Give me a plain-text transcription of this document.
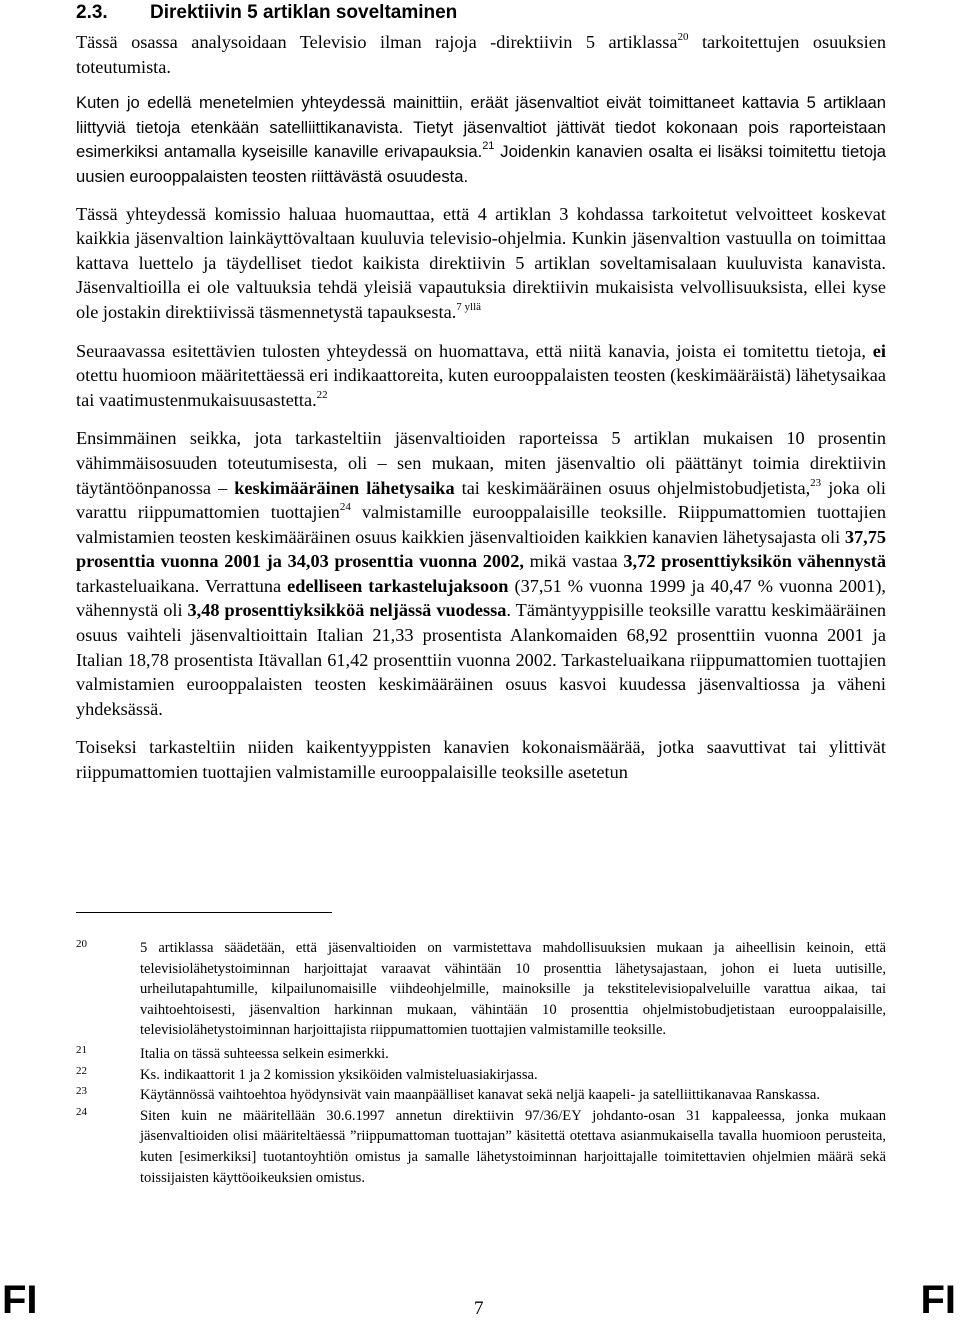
2.3. Direktiivin 5 artiklan soveltaminen

Tässä osassa analysoidaan Televisio ilman rajoja -direktiivin 5 artiklassa$^{20}$ tarkoitettujen osuuksien toteutumista.

Kuten jo edellä menetelmien yhteydessä mainittiin, eräät jäsenvaltiot eivät toimittaneet kattavia 5 artiklaan liittyviä tietoja etenkään satelliittikanavista. Tietyt jäsenvaltiot jättivät tiedot kokonaan pois raporteistaan esimerkiksi antamalla kyseisille kanaville erivapauksia.$^{21}$ Joidenkin kanavien osalta ei lisäksi toimitettu tietoja uusien eurooppalaisten teosten riittävästä osuudesta.

Tässä yhteydessä komissio haluaa huomauttaa, että 4 artiklan 3 kohdassa tarkoitetut velvoitteet koskevat kaikkia jäsenvaltion lainkäyttövaltaan kuuluvia televisio-ohjelmia. Kunkin jäsenvaltion vastuulla on toimittaa kattava luettelo ja täydelliset tiedot kaikista direktiivin 5 artiklan soveltamisalaan kuuluvista kanavista. Jäsenvaltioilla ei ole valtuuksia tehdä yleisiä vapautuksia direktiivin mukaisista velvollisuuksista, ellei kyse ole jostakin direktiivissä täsmennetystä tapauksesta.$^{7 yllä}$

Seuraavassa esitettävien tulosten yhteydessä on huomattava, että niitä kanavia, joista ei tomitettu tietoja, ei otettu huomioon määritettäessä eri indikaattoreita, kuten eurooppalaisten teosten (keskimääräistä) lähetysaikaa tai vaatimustenmukaisuusastetta.$^{22}$

Ensimmäinen seikka, jota tarkasteltiin jäsenvaltioiden raporteissa 5 artiklan mukaisen 10 prosentin vähimmäisosuuden toteutumisesta, oli – sen mukaan, miten jäsenvaltio oli päättänyt toimia direktiivin täytäntöönpanossa – keskimääräinen lähetysaika tai keskimääräinen osuus ohjelmistobudjetista,$^{23}$ joka oli varattu riippumattomien tuottajien$^{24}$ valmistamille eurooppalaisille teoksille. Riippumattomien tuottajien valmistamien teosten keskimääräinen osuus kaikkien jäsenvaltioiden kaikkien kanavien lähetysajasta oli 37,75 prosenttia vuonna 2001 ja 34,03 prosenttia vuonna 2002, mikä vastaa 3,72 prosenttiyksikön vähennystä tarkasteluaikana. Verrattuna edelliseen tarkastelujaksoon (37,51 % vuonna 1999 ja 40,47 % vuonna 2001), vähennystä oli 3,48 prosenttiyksikköä neljässä vuodessa. Tämäntyyppisille teoksille varattu keskimääräinen osuus vaihteli jäsenvaltioittain Italian 21,33 prosentista Alankomaiden 68,92 prosenttiin vuonna 2001 ja Italian 18,78 prosentista Itävallan 61,42 prosenttiin vuonna 2002. Tarkasteluaikana riippumattomien tuottajien valmistamien eurooppalaisten teosten keskimääräinen osuus kasvoi kuudessa jäsenvaltiossa ja väheni yhdeksässä.

Toiseksi tarkasteltiin niiden kaikentyyppisten kanavien kokonaismäärää, jotka saavuttivat tai ylittivät riippumattomien tuottajien valmistamille eurooppalaisille teoksille asetetun

20	5 artiklassa säädetään, että jäsenvaltioiden on varmistettava mahdollisuuksien mukaan ja aiheellisin keinoin, että televisiolähetystoiminnan harjoittajat varaavat vähintään 10 prosenttia lähetysajastaan, johon ei lueta uutisille, urheilutapahtumille, kilpailunomaisille viihdeohjelmille, mainoksille ja tekstitelevisiopalveluille varattua aikaa, tai vaihtoehtoisesti, jäsenvaltion harkinnan mukaan, vähintään 10 prosenttia ohjelmistobudjetistaan eurooppalaisille, televisiolähetystoiminnan harjoittajista riippumattomien tuottajien valmistamille teoksille.
21	Italia on tässä suhteessa selkein esimerkki.
22	Ks. indikaattorit 1 ja 2 komission yksiköiden valmisteluasiakirjassa.
23	Käytännössä vaihtoehtoa hyödynsivät vain maanpäälliset kanavat sekä neljä kaapeli- ja satelliittikanavaa Ranskassa.
24	Siten kuin ne määritellään 30.6.1997 annetun direktiivin 97/36/EY johdanto-osan 31 kappaleessa, jonka mukaan jäsenvaltioiden olisi määriteltäessä ”riippumattoman tuottajan” käsitettä otettava asianmukaisella tavalla huomioon perusteita, kuten [esimerkiksi] tuotantoyhtiön omistus ja samalle lähetystoiminnan harjoittajalle toimitettavien ohjelmien määrä sekä toissijaisten käyttöoikeuksien omistus.
FI	7	FI
